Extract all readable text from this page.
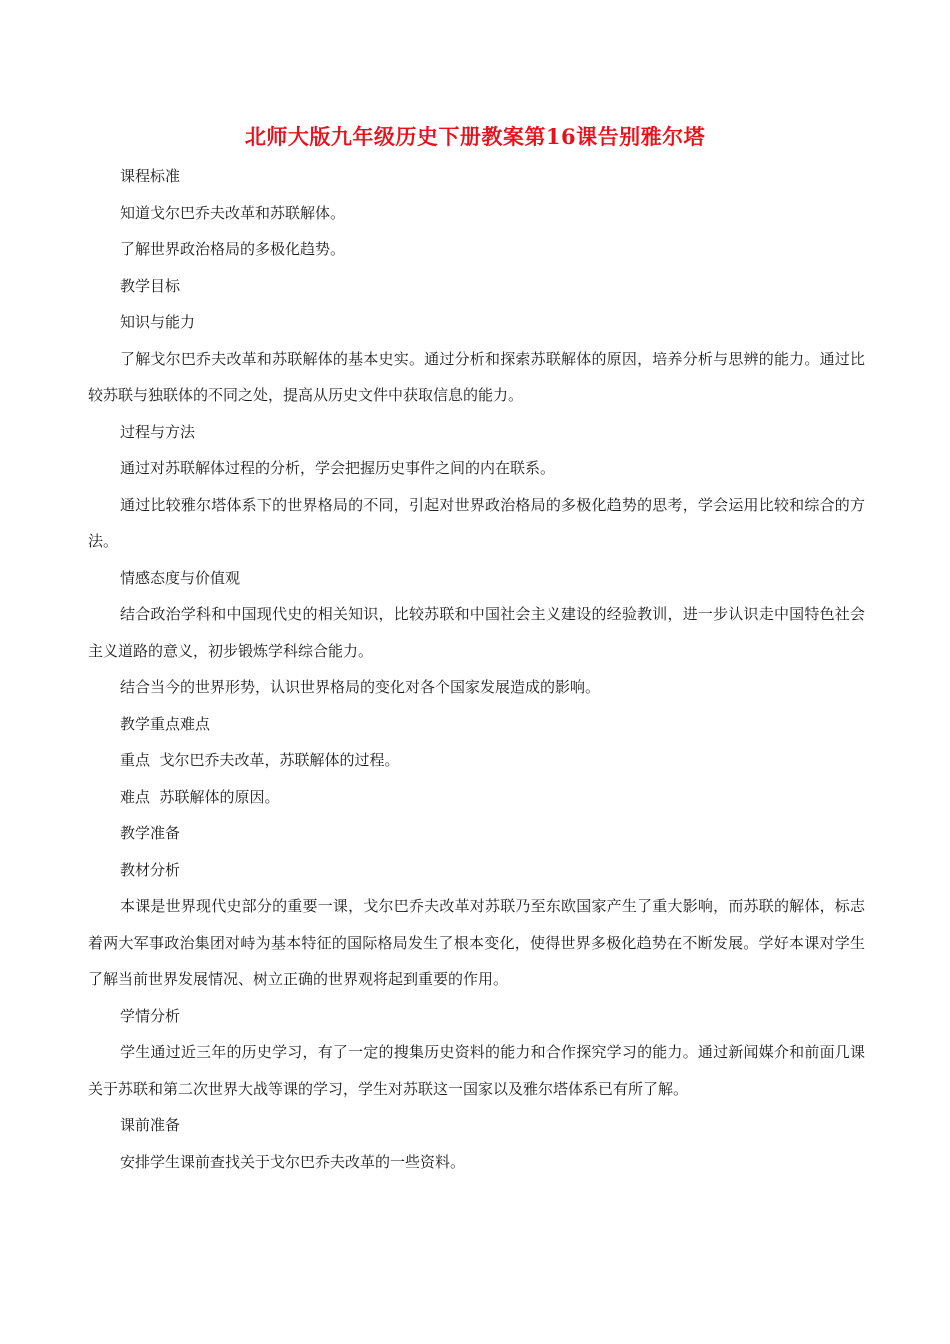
北师大版九年级历史下册教案第16课告别雅尔塔

课程标准

知道戈尔巴乔夫改革和苏联解体。

了解世界政治格局的多极化趋势。

教学目标

知识与能力

了解戈尔巴乔夫改革和苏联解体的基本史实。通过分析和探索苏联解体的原因，培养分析与思辨的能力。通过比较苏联与独联体的不同之处，提高从历史文件中获取信息的能力。

过程与方法

通过对苏联解体过程的分析，学会把握历史事件之间的内在联系。

通过比较雅尔塔体系下的世界格局的不同，引起对世界政治格局的多极化趋势的思考，学会运用比较和综合的方法。

情感态度与价值观

结合政治学科和中国现代史的相关知识，比较苏联和中国社会主义建设的经验教训，进一步认识走中国特色社会主义道路的意义，初步锻炼学科综合能力。

结合当今的世界形势，认识世界格局的变化对各个国家发展造成的影响。

教学重点难点

重点  戈尔巴乔夫改革，苏联解体的过程。

难点  苏联解体的原因。

教学准备

教材分析

本课是世界现代史部分的重要一课，戈尔巴乔夫改革对苏联乃至东欧国家产生了重大影响，而苏联的解体，标志着两大军事政治集团对峙为基本特征的国际格局发生了根本变化，使得世界多极化趋势在不断发展。学好本课对学生了解当前世界发展情况、树立正确的世界观将起到重要的作用。

学情分析

学生通过近三年的历史学习，有了一定的搜集历史资料的能力和合作探究学习的能力。通过新闻媒介和前面几课关于苏联和第二次世界大战等课的学习，学生对苏联这一国家以及雅尔塔体系已有所了解。

课前准备

安排学生课前查找关于戈尔巴乔夫改革的一些资料。
